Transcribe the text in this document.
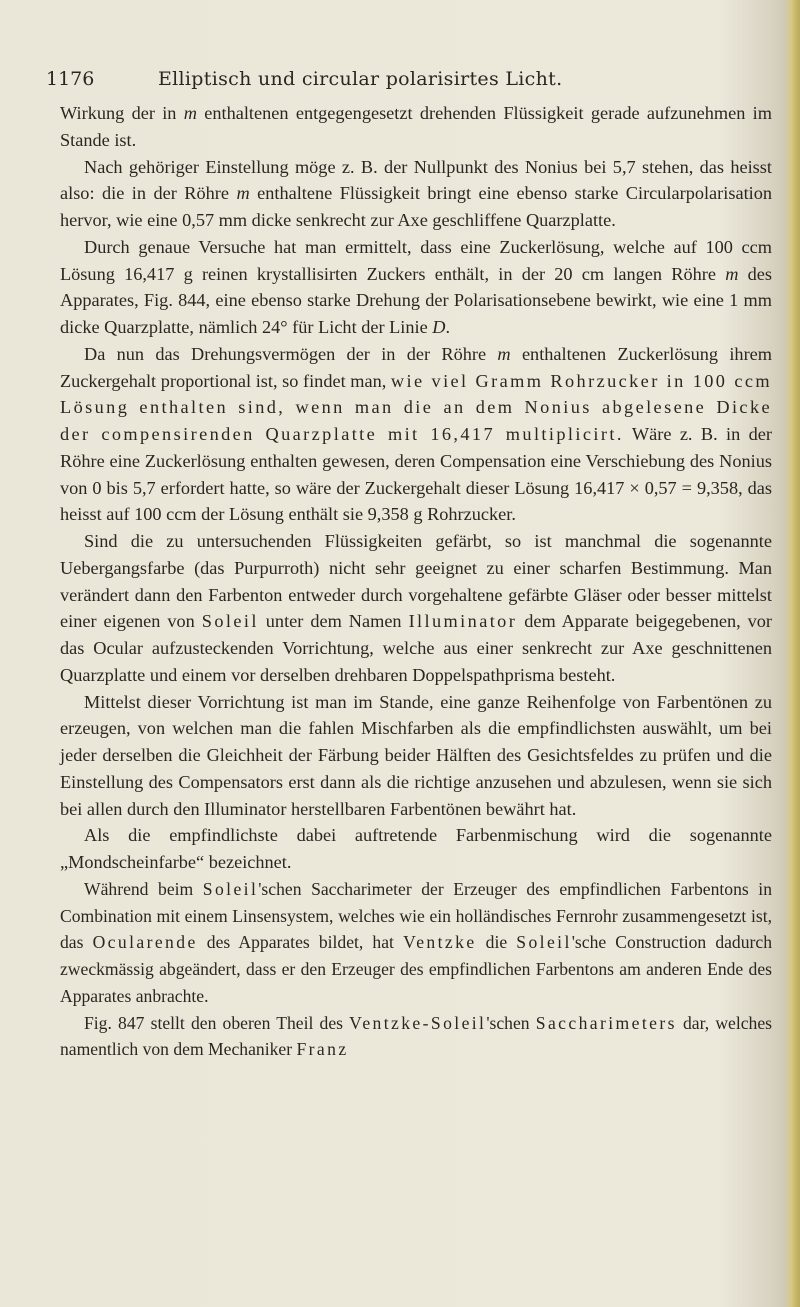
1176	Elliptisch und circular polarisirtes Licht.

Wirkung der in m enthaltenen entgegengesetzt drehenden Flüssigkeit gerade aufzunehmen im Stande ist.

Nach gehöriger Einstellung möge z. B. der Nullpunkt des Nonius bei 5,7 stehen, das heisst also: die in der Röhre m enthaltene Flüssigkeit bringt eine ebenso starke Circularpolarisation hervor, wie eine 0,57 mm dicke senkrecht zur Axe geschliffene Quarzplatte.

Durch genaue Versuche hat man ermittelt, dass eine Zuckerlösung, welche auf 100 ccm Lösung 16,417 g reinen krystallisirten Zuckers enthält, in der 20 cm langen Röhre m des Apparates, Fig. 844, eine ebenso starke Drehung der Polarisationsebene bewirkt, wie eine 1 mm dicke Quarzplatte, nämlich 24° für Licht der Linie D.

Da nun das Drehungsvermögen der in der Röhre m enthaltenen Zuckerlösung ihrem Zuckergehalt proportional ist, so findet man, wie viel Gramm Rohrzucker in 100 ccm Lösung enthalten sind, wenn man die an dem Nonius abgelesene Dicke der compensirenden Quarzplatte mit 16,417 multiplicirt. Wäre z. B. in der Röhre eine Zuckerlösung enthalten gewesen, deren Compensation eine Verschiebung des Nonius von 0 bis 5,7 erfordert hatte, so wäre der Zuckergehalt dieser Lösung 16,417 × 0,57 = 9,358, das heisst auf 100 ccm der Lösung enthält sie 9,358 g Rohrzucker.

Sind die zu untersuchenden Flüssigkeiten gefärbt, so ist manchmal die sogenannte Uebergangsfarbe (das Purpurroth) nicht sehr geeignet zu einer scharfen Bestimmung. Man verändert dann den Farbenton entweder durch vorgehaltene gefärbte Gläser oder besser mittelst einer eigenen von Soleil unter dem Namen Illuminator dem Apparate beigegebenen, vor das Ocular aufzusteckenden Vorrichtung, welche aus einer senkrecht zur Axe geschnittenen Quarzplatte und einem vor derselben drehbaren Doppelspathprisma besteht.

Mittelst dieser Vorrichtung ist man im Stande, eine ganze Reihenfolge von Farbentönen zu erzeugen, von welchen man die fahlen Mischfarben als die empfindlichsten auswählt, um bei jeder derselben die Gleichheit der Färbung beider Hälften des Gesichtsfeldes zu prüfen und die Einstellung des Compensators erst dann als die richtige anzusehen und abzulesen, wenn sie sich bei allen durch den Illuminator herstellbaren Farbentönen bewährt hat.

Als die empfindlichste dabei auftretende Farbenmischung wird die sogenannte „Mondscheinfarbe“ bezeichnet.

Während beim Soleil'schen Saccharimeter der Erzeuger des empfindlichen Farbentons in Combination mit einem Linsensystem, welches wie ein holländisches Fernrohr zusammengesetzt ist, das Ocularende des Apparates bildet, hat Ventzke die Soleil'sche Construction dadurch zweckmässig abgeändert, dass er den Erzeuger des empfindlichen Farbentons am anderen Ende des Apparates anbrachte.

Fig. 847 stellt den oberen Theil des Ventzke-Soleil'schen Saccharimeters dar, welches namentlich von dem Mechaniker Franz
